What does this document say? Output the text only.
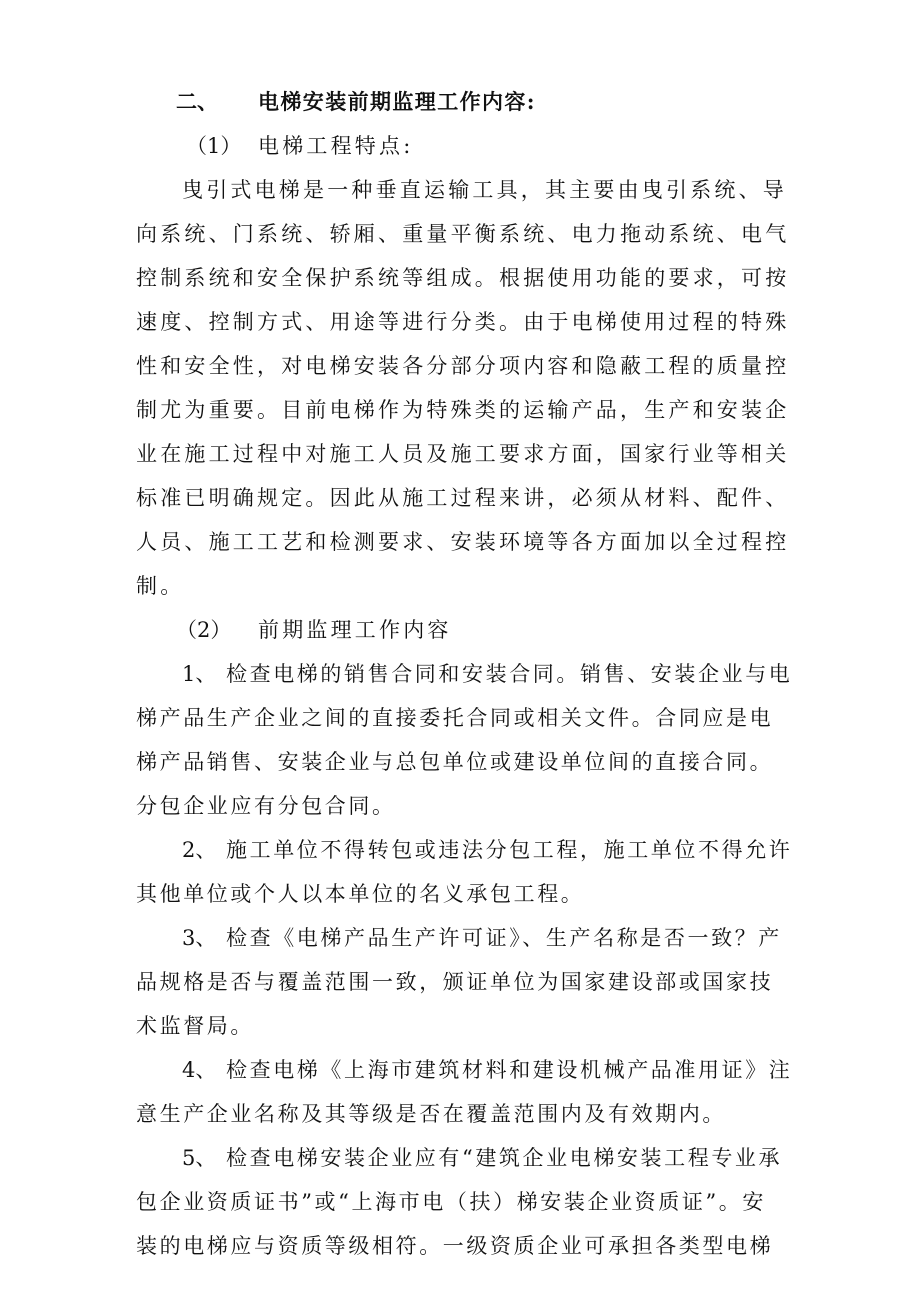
二、 电梯安装前期监理工作内容:
（1） 电梯工程特点:
曳引式电梯是一种垂直运输工具，其主要由曳引系统、导
向系统、门系统、轿厢、重量平衡系统、电力拖动系统、电气
控制系统和安全保护系统等组成。根据使用功能的要求，可按
速度、控制方式、用途等进行分类。由于电梯使用过程的特殊
性和安全性，对电梯安装各分部分项内容和隐蔽工程的质量控
制尤为重要。目前电梯作为特殊类的运输产品，生产和安装企
业在施工过程中对施工人员及施工要求方面，国家行业等相关
标准已明确规定。因此从施工过程来讲，必须从材料、配件、
人员、施工工艺和检测要求、安装环境等各方面加以全过程控
制。
（2） 前期监理工作内容
1、 检查电梯的销售合同和安装合同。销售、安装企业与电
梯产品生产企业之间的直接委托合同或相关文件。合同应是电
梯产品销售、安装企业与总包单位或建设单位间的直接合同。
分包企业应有分包合同。
2、 施工单位不得转包或违法分包工程，施工单位不得允许
其他单位或个人以本单位的名义承包工程。
3、 检查《电梯产品生产许可证》、生产名称是否一致？产
品规格是否与覆盖范围一致，颁证单位为国家建设部或国家技
术监督局。
4、 检查电梯《上海市建筑材料和建设机械产品准用证》注
意生产企业名称及其等级是否在覆盖范围内及有效期内。
5、 检查电梯安装企业应有“建筑企业电梯安装工程专业承
包企业资质证书”或“上海市电（扶）梯安装企业资质证”。安
装的电梯应与资质等级相符。一级资质企业可承担各类型电梯
